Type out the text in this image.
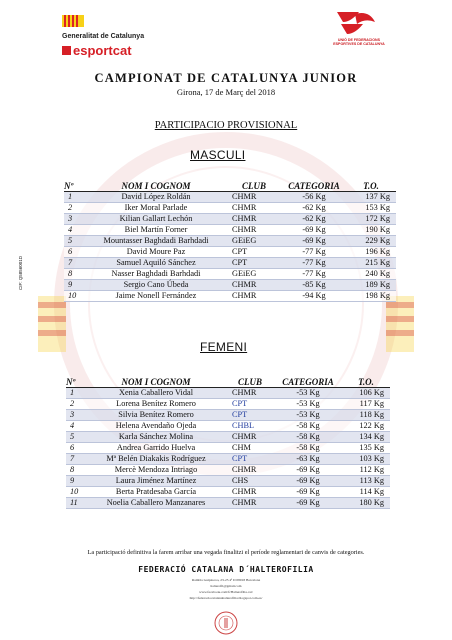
Generalitat de Catalunya
esportcat
UNIÓ DE FEDERACIONS ESPORTIVES DE CATALUNYA
CAMPIONAT DE CATALUNYA JUNIOR
Girona, 17 de Març del 2018
PARTICIPACIO PROVISIONAL
CIF: Q5856001D
MASCULI
Nº	NOM I COGNOM	CLUB	CATEGORIA	T.O.
1	David López Roldán	CHMR	-56 Kg	137 Kg
2	Iker Moral Parlade	CHMR	-62 Kg	153 Kg
3	Kilian Gallart Lechón	CHMR	-62 Kg	172 Kg
4	Biel Martín Forner	CHMR	-69 Kg	190 Kg
5	Mountasser Baghdadi Barhdadi	GEiEG	-69 Kg	229 Kg
6	David Moure Paz	CPT	-77 Kg	196 Kg
7	Samuel Aquiló Sánchez	CPT	-77 Kg	215 Kg
8	Nasser Baghdadi Barhdadi	GEiEG	-77 Kg	240 Kg
9	Sergio Cano Úbeda	CHMR	-85 Kg	189 Kg
10	Jaime Nonell Fernández	CHMR	-94 Kg	198 Kg
FEMENI
Nº	NOM I COGNOM	CLUB	CATEGORIA	T.O.
1	Xenia Caballero Vidal	CHMR	-53 Kg	106 Kg
2	Lorena Benítez Romero	CPT	-53 Kg	117 Kg
3	Silvia Benítez Romero	CPT	-53 Kg	118 Kg
4	Helena Avendaño Ojeda	CHBL	-58 Kg	122 Kg
5	Karla Sánchez Molina	CHMR	-58 Kg	134 Kg
6	Andrea Garrido Huelva	CHM	-58 Kg	135 Kg
7	Mª Belén Diakakis Rodríguez	CPT	-63 Kg	103 Kg
8	Mercè Mendoza Intriago	CHMR	-69 Kg	112 Kg
9	Laura Jiménez Martínez	CHS	-69 Kg	113 Kg
10	Berta Pratdesaba García	CHMR	-69 Kg	114 Kg
11	Noelia Caballero Manzanares	CHMR	-69 Kg	180 Kg
La participació definitiva la farem arribar una vegada finalitzi el període reglamentari de canvis de categories.
FEDERACIÓ CATALANA D´HALTEROFILIA
Rambla Guipúscoa, 23-25 4ª D 08018 Barcelona
halterofil@gmail.com
www.facebook.com/fcHalterofilia.cat/
http://federaciocatalanahalterofilia.blogspot.com.es/
